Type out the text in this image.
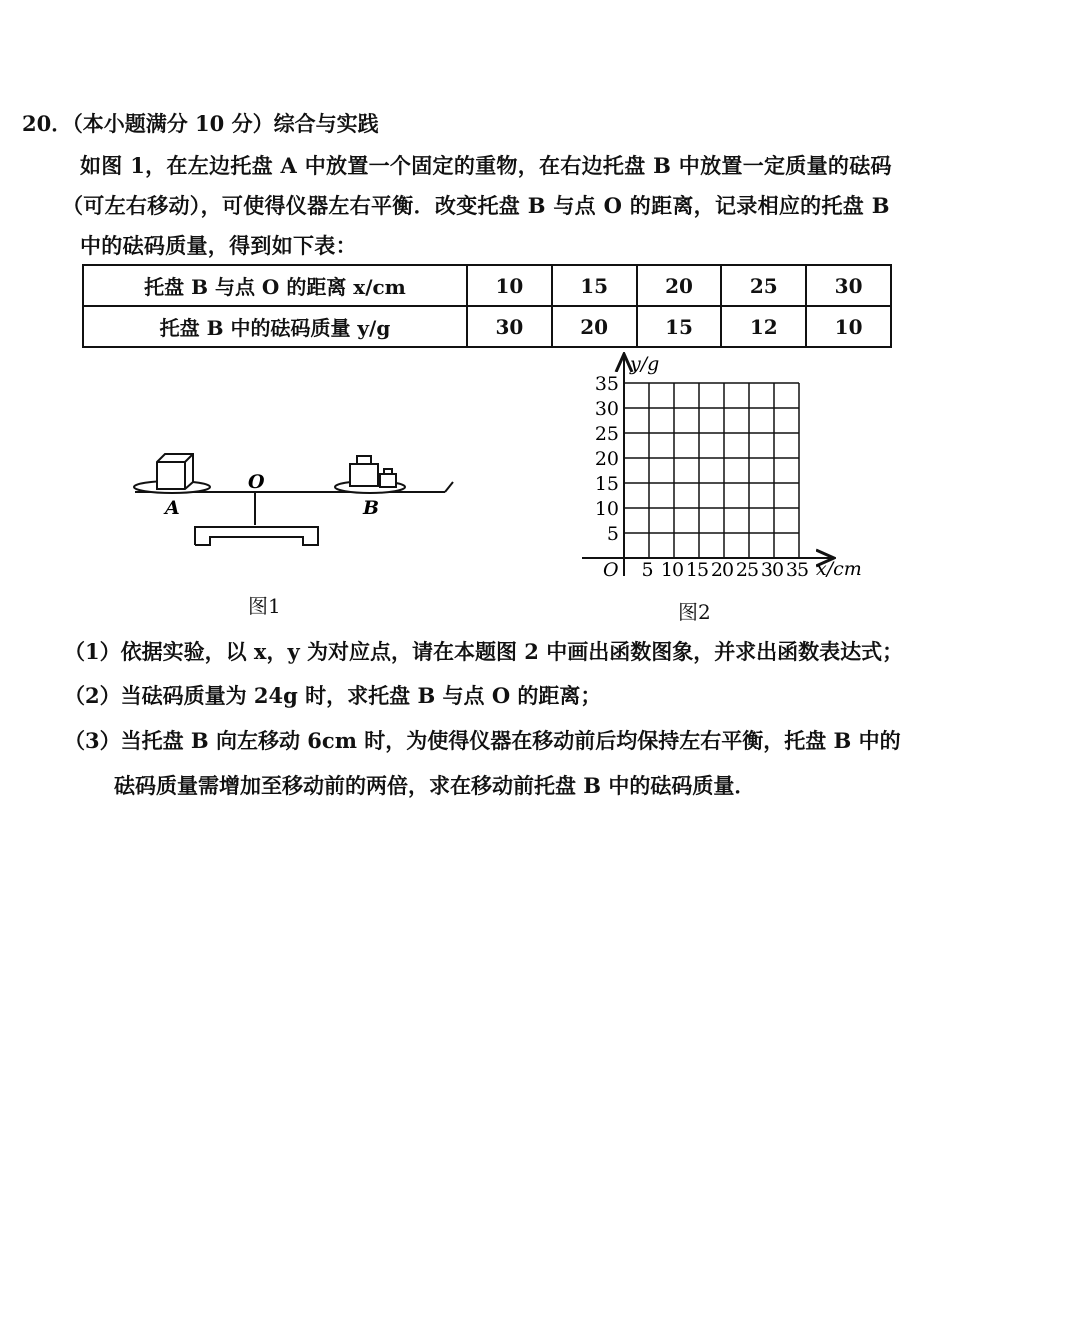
20．（本小题满分 10 分）综合与实践
如图 1，在左边托盘 A 中放置一个固定的重物，在右边托盘 B 中放置一定质量的砝码
（可左右移动），可使得仪器左右平衡．改变托盘 B 与点 O 的距离，记录相应的托盘 B
中的砝码质量，得到如下表：
托盘 B 与点 O 的距离 x/cm	10	15	20	25	30
托盘 B 中的砝码质量 y/g	30	20	15	12	10
A
O
B
图1
35
30
25
20
15
10
5
5 10 15 20 25 30 35
O
y/g
x/cm
图2
（1）依据实验，以 x，y 为对应点，请在本题图 2 中画出函数图象，并求出函数表达式；
（2）当砝码质量为 24g 时，求托盘 B 与点 O 的距离；
（3）当托盘 B 向左移动 6cm 时，为使得仪器在移动前后均保持左右平衡，托盘 B 中的
砝码质量需增加至移动前的两倍，求在移动前托盘 B 中的砝码质量．
